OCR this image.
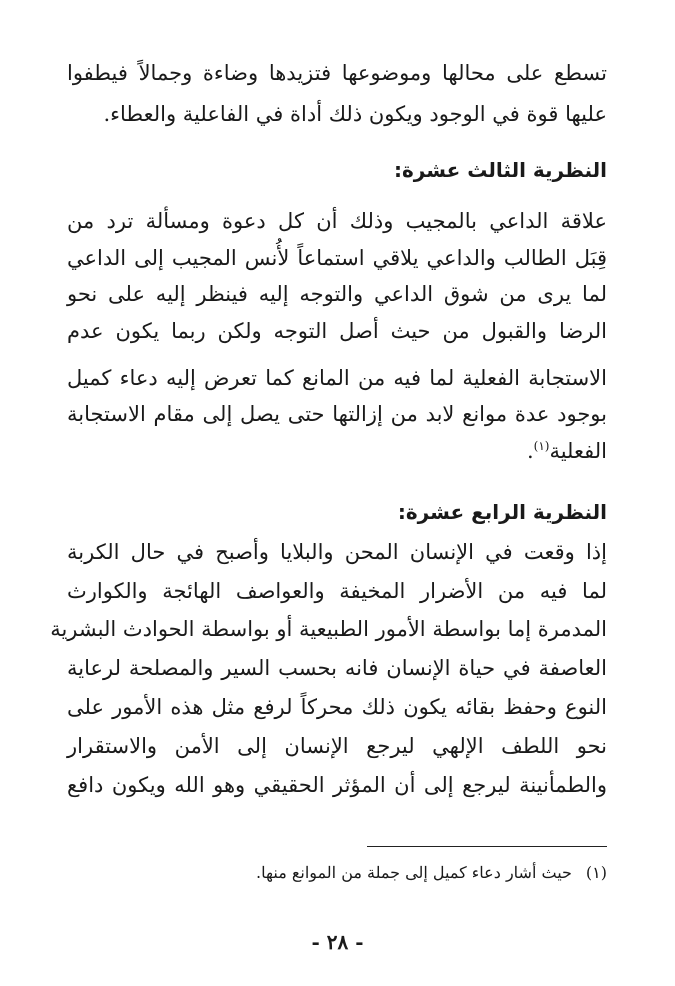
تسطع على محالها وموضوعها فتزيدها وضاءة وجمالاً فيطفوا
عليها قوة في الوجود ويكون ذلك أداة في الفاعلية والعطاء.
النظرية الثالث عشرة:
علاقة الداعي بالمجيب وذلك أن كل دعوة ومسألة ترد من
قِبَل الطالب والداعي يلاقي استماعاً لأُنس المجيب إلى الداعي
لما يرى من شوق الداعي والتوجه إليه فينظر إليه على نحو
الرضا والقبول من حيث أصل التوجه ولكن ربما يكون عدم
الاستجابة الفعلية لما فيه من المانع كما تعرض إليه دعاء كميل
بوجود عدة موانع لابد من إزالتها حتى يصل إلى مقام الاستجابة
الفعلية$^{(١)}$.
النظرية الرابع عشرة:
إذا وقعت في الإنسان المحن والبلايا وأصبح في حال الكربة
لما فيه من الأضرار المخيفة والعواصف الهائجة والكوارث
المدمرة إما بواسطة الأمور الطبيعية أو بواسطة الحوادث البشرية
العاصفة في حياة الإنسان فانه بحسب السير والمصلحة لرعاية
النوع وحفظ بقائه يكون ذلك محركاً لرفع مثل هذه الأمور على
نحو اللطف الإلهي ليرجع الإنسان إلى الأمن والاستقرار
والطمأنينة ليرجع إلى أن المؤثر الحقيقي وهو الله ويكون دافع
(١)حيث أشار دعاء كميل إلى جملة من الموانع منها.
- ٢٨ -
